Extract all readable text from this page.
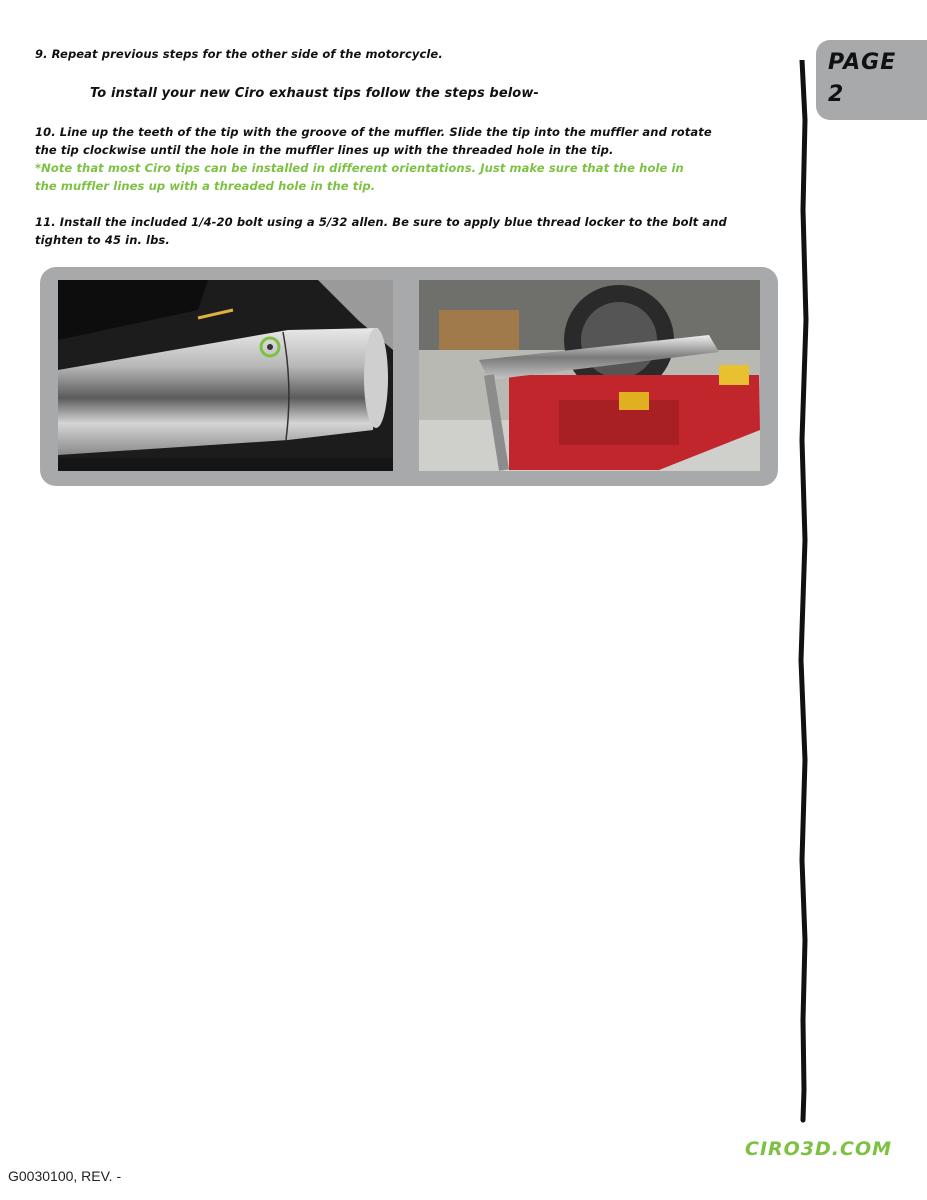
9. Repeat previous steps for the other side of the motorcycle.
To install your new Ciro exhaust tips follow the steps below-
10. Line up the teeth of the tip with the groove of the muffler. Slide the tip into the muffler and rotate
the tip clockwise until the hole in the muffler lines up with the threaded hole in the tip.
*Note that most Ciro tips can be installed in different orientations. Just make sure that the hole in
the muffler lines up with a threaded hole in the tip.
11. Install the included 1/4-20 bolt using a 5/32 allen. Be sure to apply blue thread locker to the bolt and
tighten to 45 in. lbs.
PAGE
2
CIRO3D.COM
G0030100, REV. -
